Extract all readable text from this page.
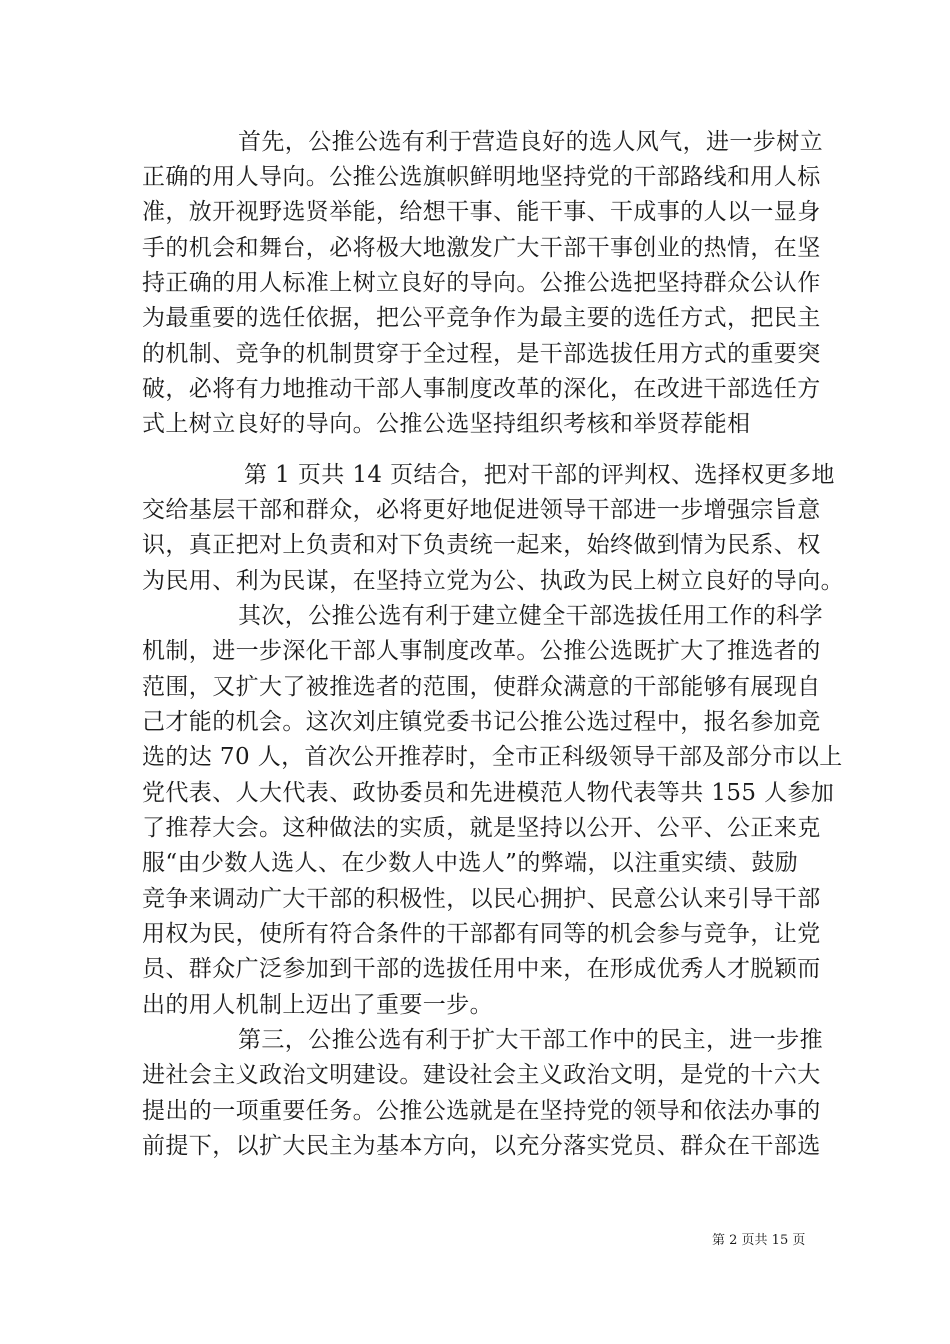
首先，公推公选有利于营造良好的选人风气，进一步树立
正确的用人导向。公推公选旗帜鲜明地坚持党的干部路线和用人标
准，放开视野选贤举能，给想干事、能干事、干成事的人以一显身
手的机会和舞台，必将极大地激发广大干部干事创业的热情，在坚
持正确的用人标准上树立良好的导向。公推公选把坚持群众公认作
为最重要的选任依据，把公平竞争作为最主要的选任方式，把民主
的机制、竞争的机制贯穿于全过程，是干部选拔任用方式的重要突
破，必将有力地推动干部人事制度改革的深化，在改进干部选任方
式上树立良好的导向。公推公选坚持组织考核和举贤荐能相
第 1 页共 14 页结合，把对干部的评判权、选择权更多地
交给基层干部和群众，必将更好地促进领导干部进一步增强宗旨意
识，真正把对上负责和对下负责统一起来，始终做到情为民系、权
为民用、利为民谋，在坚持立党为公、执政为民上树立良好的导向。
其次，公推公选有利于建立健全干部选拔任用工作的科学
机制，进一步深化干部人事制度改革。公推公选既扩大了推选者的
范围，又扩大了被推选者的范围，使群众满意的干部能够有展现自
己才能的机会。这次刘庄镇党委书记公推公选过程中，报名参加竞
选的达 70 人，首次公开推荐时，全市正科级领导干部及部分市以上
党代表、人大代表、政协委员和先进模范人物代表等共 155 人参加
了推荐大会。这种做法的实质，就是坚持以公开、公平、公正来克
服“由少数人选人、在少数人中选人”的弊端，以注重实绩、鼓励
竞争来调动广大干部的积极性，以民心拥护、民意公认来引导干部
用权为民，使所有符合条件的干部都有同等的机会参与竞争，让党
员、群众广泛参加到干部的选拔任用中来，在形成优秀人才脱颖而
出的用人机制上迈出了重要一步。
第三，公推公选有利于扩大干部工作中的民主，进一步推
进社会主义政治文明建设。建设社会主义政治文明，是党的十六大
提出的一项重要任务。公推公选就是在坚持党的领导和依法办事的
前提下，以扩大民主为基本方向，以充分落实党员、群众在干部选
第 2 页共 15 页
